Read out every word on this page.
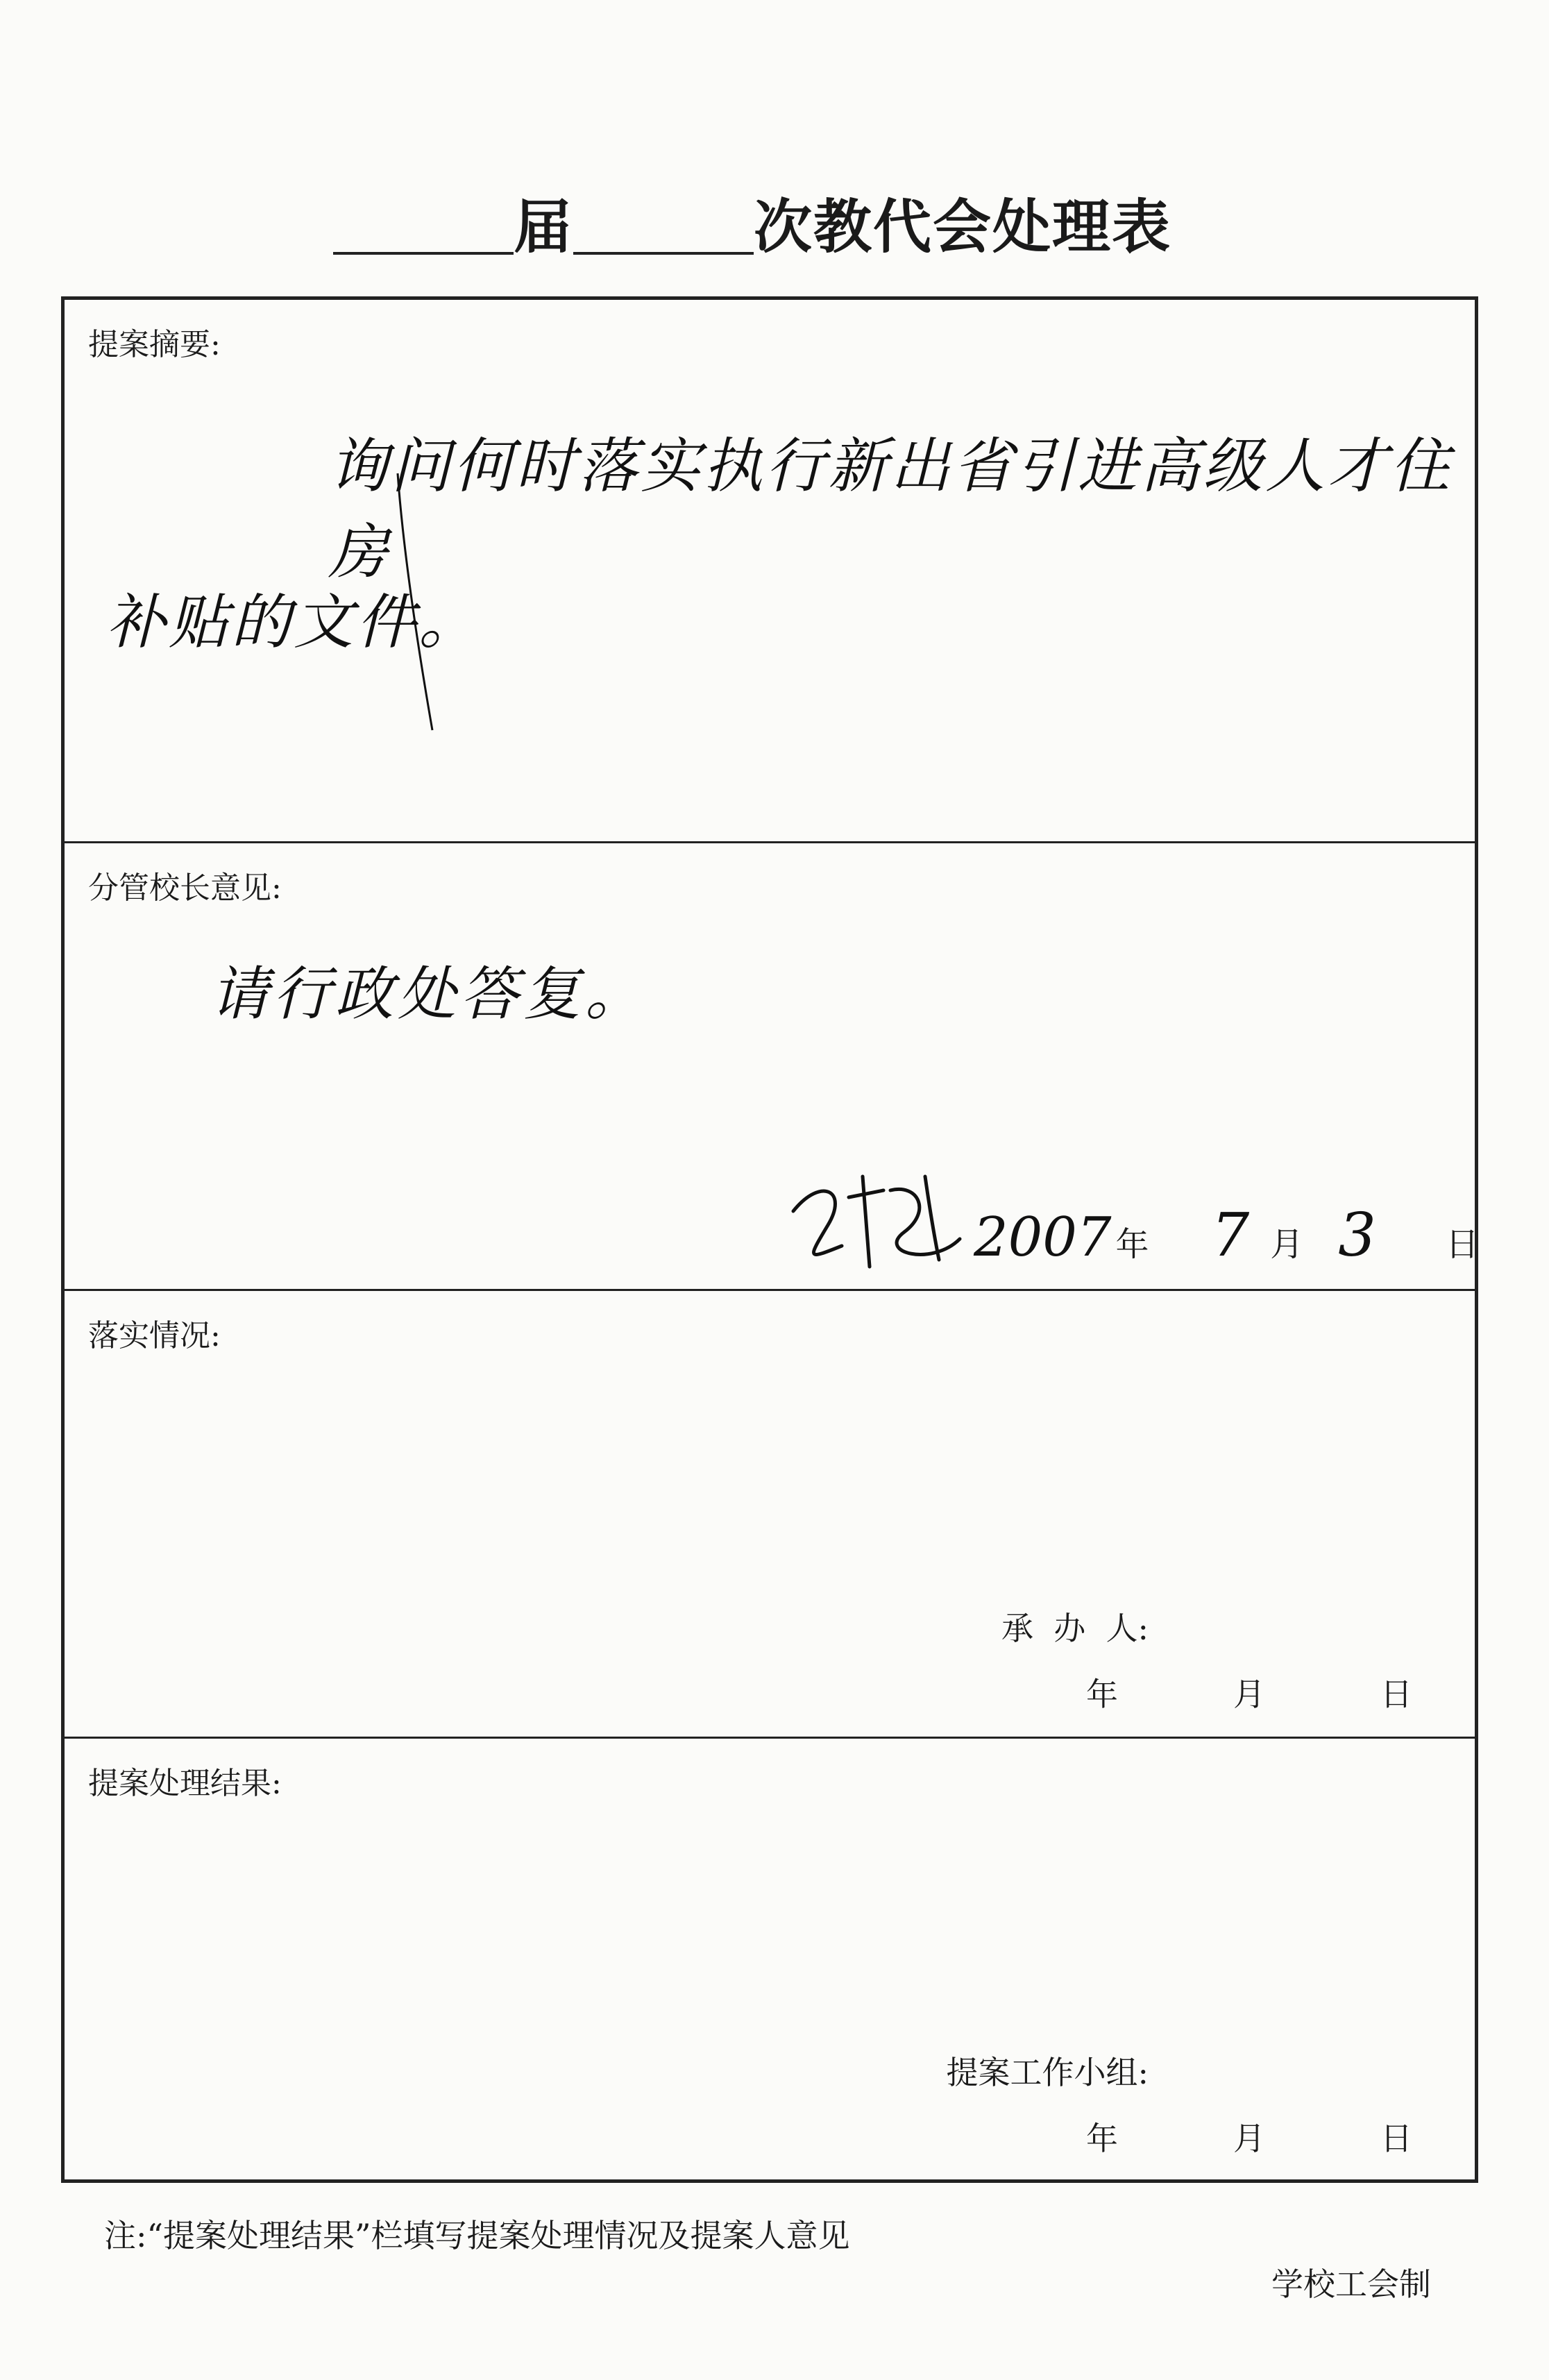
届	次教代会处理表
提案摘要:
询问何时落实执行新出省引进高级人才住房
补贴的文件。
分管校长意见:
请行政处答复。
2007 年 7 月 3 日
落实情况:
承  办  人:
年	月	日
提案处理结果:
提案工作小组:
年	月	日
注:“提案处理结果”栏填写提案处理情况及提案人意见
学校工会制
